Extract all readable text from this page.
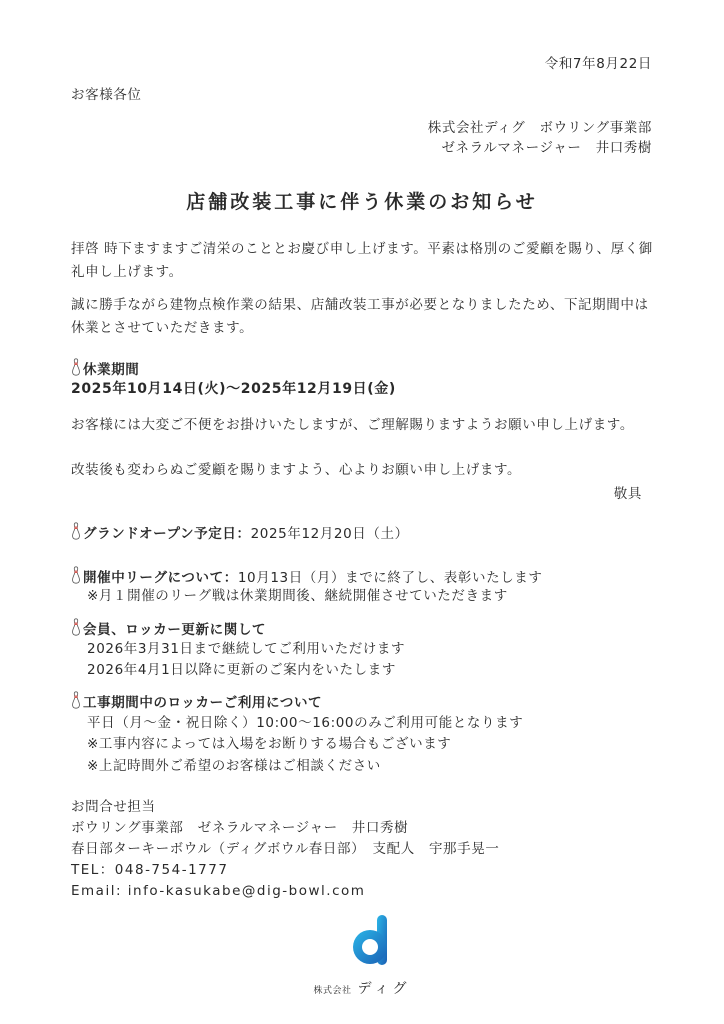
令和7年8月22日
お客様各位
株式会社ディグ　ボウリング事業部
ゼネラルマネージャー　井口秀樹
店舗改装工事に伴う休業のお知らせ
拝啓 時下ますますご清栄のこととお慶び申し上げます。平素は格別のご愛顧を賜り、厚く御礼申し上げます。
誠に勝手ながら建物点検作業の結果、店舗改装工事が必要となりましたため、下記期間中は休業とさせていただきます。
休業期間
2025年10月14日(火)〜2025年12月19日(金)
お客様には大変ご不便をお掛けいたしますが、ご理解賜りますようお願い申し上げます。
改装後も変わらぬご愛顧を賜りますよう、心よりお願い申し上げます。
敬具
グランドオープン予定日：2025年12月20日（土）
開催中リーグについて：10月13日（月）までに終了し、表彰いたします
※月１開催のリーグ戦は休業期間後、継続開催させていただきます
会員、ロッカー更新に関して
2026年3月31日まで継続してご利用いただけます
2026年4月1日以降に更新のご案内をいたします
工事期間中のロッカーご利用について
平日（月〜金・祝日除く）10:00〜16:00のみご利用可能となります
※工事内容によっては入場をお断りする場合もございます
※上記時間外ご希望のお客様はご相談ください
お問合せ担当
ボウリング事業部　ゼネラルマネージャー　井口秀樹
春日部ターキーボウル（ディグボウル春日部）　支配人　宇那手晃一
TEL：048-754-1777
Email: info-kasukabe@dig-bowl.com
株式会社 ディグ
